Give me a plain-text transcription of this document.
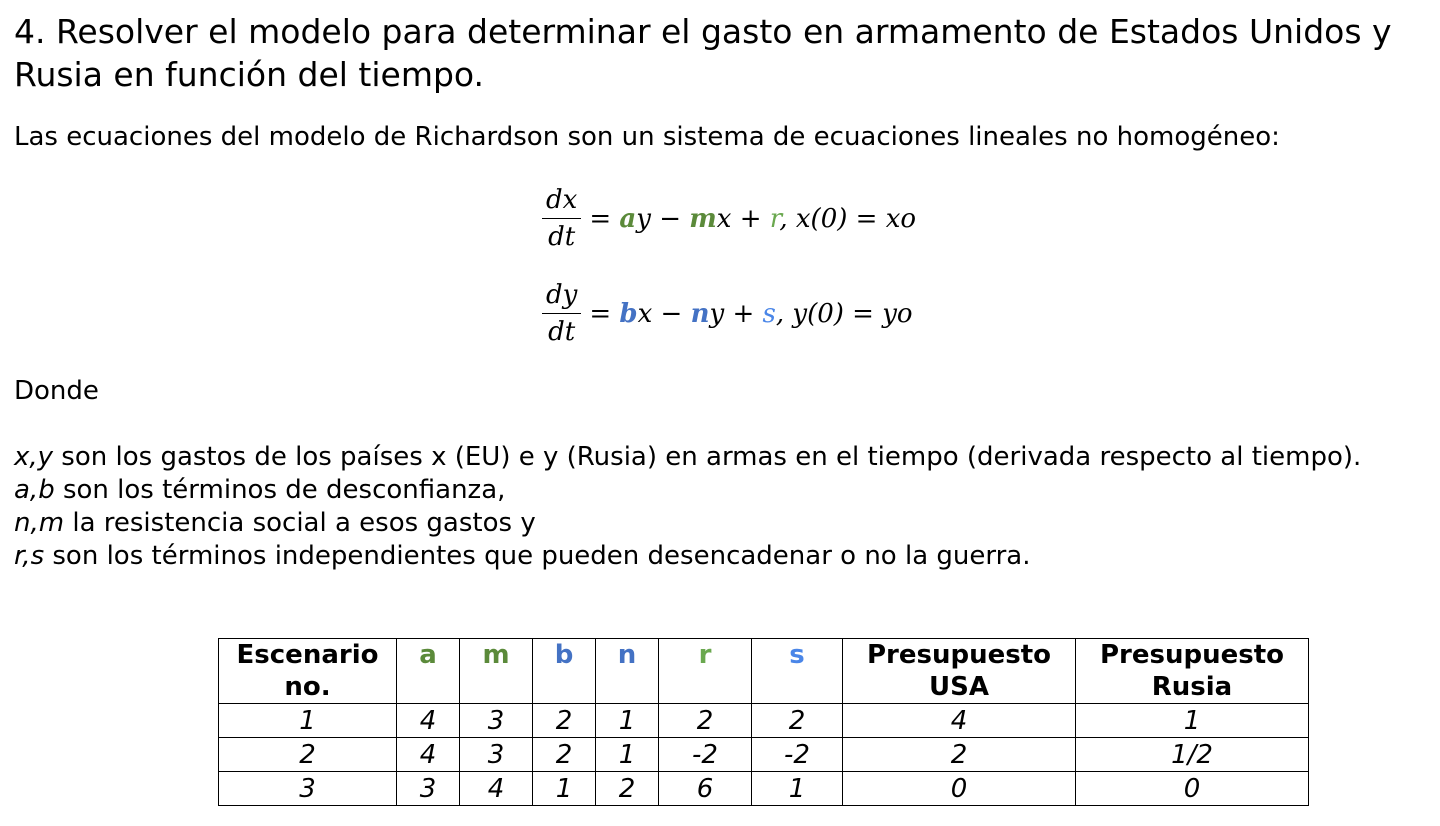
4. Resolver el modelo para determinar el gasto en armamento de Estados Unidos y Rusia en función del tiempo.

Las ecuaciones del modelo de Richardson son un sistema de ecuaciones lineales no homogéneo:

$\frac{dx}{dt}$ = ay − mx + r, x(0) = xo
$\frac{dy}{dt}$ = bx − ny + s, y(0) = yo

Donde

x,y son los gastos de los países x (EU) e y (Rusia) en armas en el tiempo (derivada respecto al tiempo).
a,b son los términos de desconfianza,
n,m la resistencia social a esos gastos y
r,s son los términos independientes que pueden desencadenar o no la guerra.
Escenario no.	a	m	b	n	r	s	Presupuesto USA	Presupuesto Rusia
1	4	3	2	1	2	2	4	1
2	4	3	2	1	-2	-2	2	1/2
3	3	4	1	2	6	1	0	0
